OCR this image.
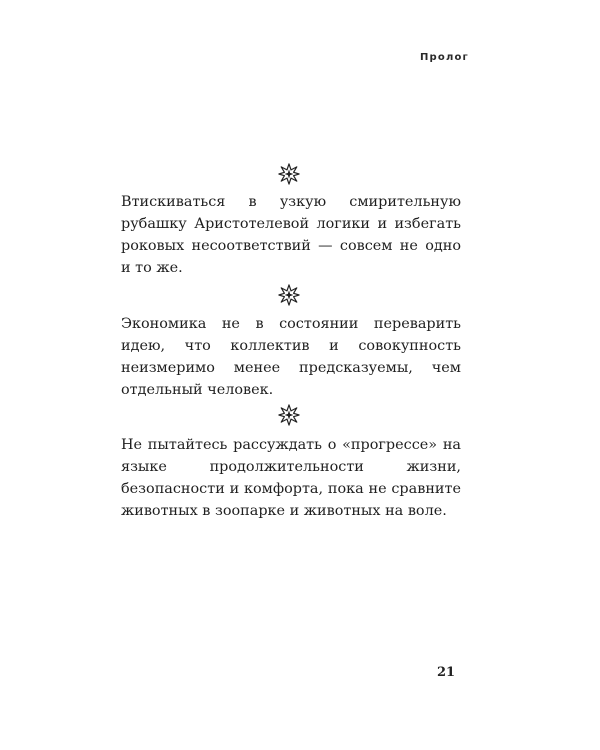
Пролог
Втискиваться в узкую смирительную рубашку Аристотелевой логики и избегать роковых несоответствий — совсем не одно и то же.
Экономика не в состоянии переварить идею, что коллектив и совокупность неизмеримо менее предсказуемы, чем отдельный человек.
Не пытайтесь рассуждать о «прогрессе» на языке продолжительности жизни, безопасности и комфорта, пока не сравните животных в зоопарке и животных на воле.
21
